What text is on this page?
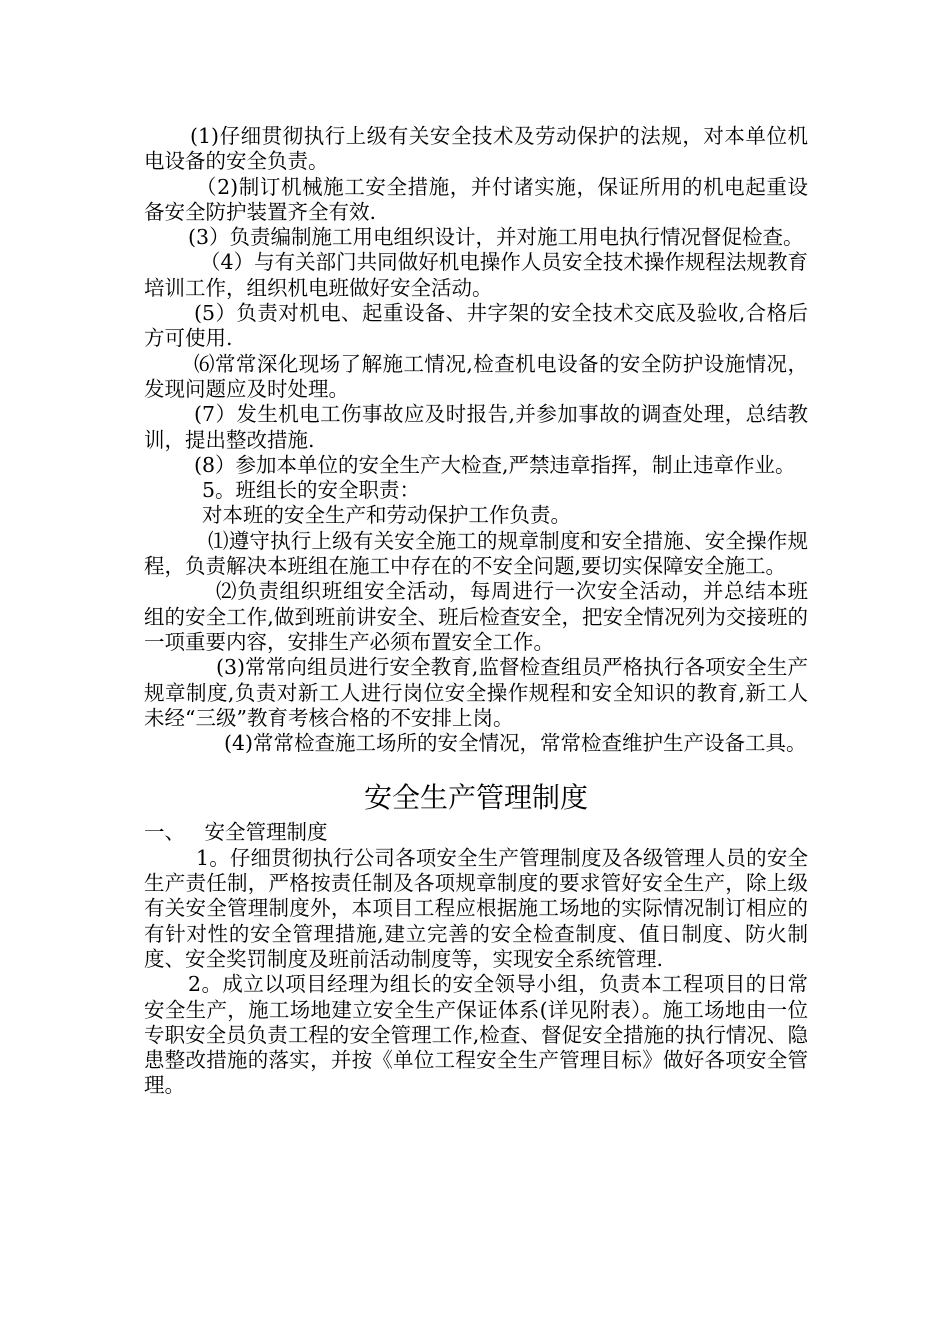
(1)仔细贯彻执行上级有关安全技术及劳动保护的法规，对本单位机电设备的安全负责。

（2)制订机械施工安全措施，并付诸实施，保证所用的机电起重设备安全防护装置齐全有效.

(3）负责编制施工用电组织设计，并对施工用电执行情况督促检查。

（4）与有关部门共同做好机电操作人员安全技术操作规程法规教育培训工作，组织机电班做好安全活动。

(5）负责对机电、起重设备、井字架的安全技术交底及验收,合格后方可使用.

⑹常常深化现场了解施工情况,检查机电设备的安全防护设施情况，发现问题应及时处理。

(7）发生机电工伤事故应及时报告,并参加事故的调查处理，总结教训，提出整改措施.

(8）参加本单位的安全生产大检查,严禁违章指挥，制止违章作业。

5。班组长的安全职责：

对本班的安全生产和劳动保护工作负责。

⑴遵守执行上级有关安全施工的规章制度和安全措施、安全操作规程，负责解决本班组在施工中存在的不安全问题,要切实保障安全施工。

⑵负责组织班组安全活动，每周进行一次安全活动，并总结本班组的安全工作,做到班前讲安全、班后检查安全，把安全情况列为交接班的一项重要内容，安排生产必须布置安全工作。

(3)常常向组员进行安全教育,监督检查组员严格执行各项安全生产规章制度,负责对新工人进行岗位安全操作规程和安全知识的教育,新工人未经“三级”教育考核合格的不安排上岗。

(4)常常检查施工场所的安全情况，常常检查维护生产设备工具。

安全生产管理制度

一、   安全管理制度

1。仔细贯彻执行公司各项安全生产管理制度及各级管理人员的安全生产责任制，严格按责任制及各项规章制度的要求管好安全生产，除上级有关安全管理制度外，本项目工程应根据施工场地的实际情况制订相应的有针对性的安全管理措施,建立完善的安全检查制度、值日制度、防火制度、安全奖罚制度及班前活动制度等，实现安全系统管理.

2。成立以项目经理为组长的安全领导小组，负责本工程项目的日常安全生产，施工场地建立安全生产保证体系(详见附表）。施工场地由一位专职安全员负责工程的安全管理工作,检查、督促安全措施的执行情况、隐患整改措施的落实，并按《单位工程安全生产管理目标》做好各项安全管理。
